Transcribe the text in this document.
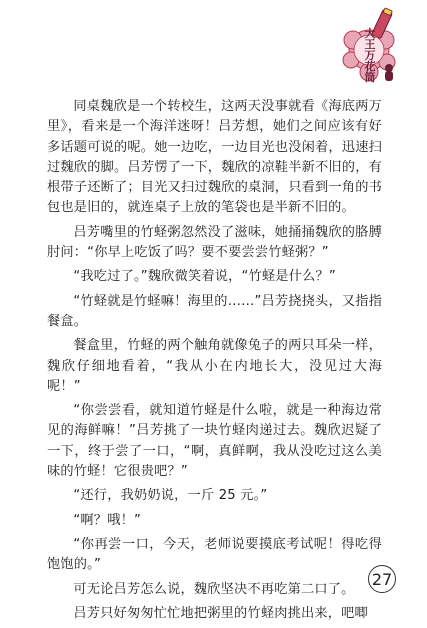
大
王
万
花
筒

同桌魏欣是一个转校生，这两天没事就看《海底两万里》，看来是一个海洋迷呀！吕芳想，她们之间应该有好多话题可说的呢。她一边吃，一边目光也没闲着，迅速扫过魏欣的脚。吕芳愣了一下，魏欣的凉鞋半新不旧的，有根带子还断了；目光又扫过魏欣的桌洞，只看到一角的书包也是旧的，就连桌子上放的笔袋也是半新不旧的。

吕芳嘴里的竹蛏粥忽然没了滋味，她捅捅魏欣的胳膊肘问：“你早上吃饭了吗？要不要尝尝竹蛏粥？”

“我吃过了。”魏欣微笑着说，“竹蛏是什么？”

“竹蛏就是竹蛏嘛！海里的……”吕芳挠挠头，又指指餐盒。

餐盒里，竹蛏的两个触角就像兔子的两只耳朵一样，魏欣仔细地看着，“我从小在内地长大，没见过大海呢！”

“你尝尝看，就知道竹蛏是什么啦，就是一种海边常见的海鲜嘛！”吕芳挑了一块竹蛏肉递过去。魏欣迟疑了一下，终于尝了一口，“啊，真鲜啊，我从没吃过这么美味的竹蛏！它很贵吧？”

“还行，我奶奶说，一斤 25 元。”

“啊？哦！”

“你再尝一口，今天，老师说要摸底考试呢！得吃得饱饱的。”

可无论吕芳怎么说，魏欣坚决不再吃第二口了。

吕芳只好匆匆忙忙地把粥里的竹蛏肉挑出来，吧唧

27
